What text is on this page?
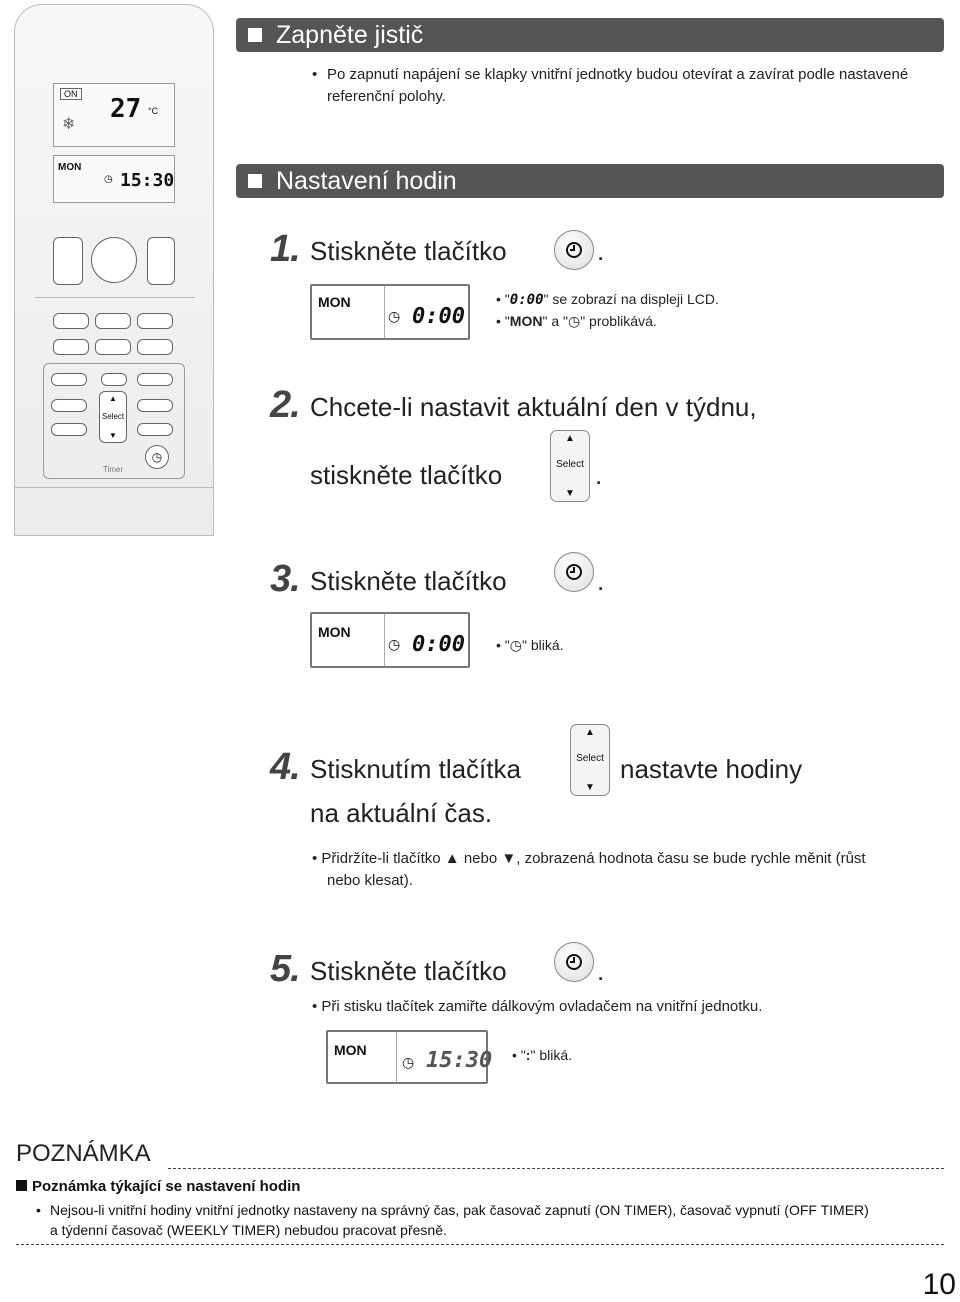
ON 27 °C
❄
MON
◷ 15:30
▲
Select
▼
◷
Timer
Zapněte jistič
• Po zapnutí napájení se klapky vnitřní jednotky budou otevírat a zavírat podle nastavené referenční polohy.
Nastavení hodin
1. Stiskněte tlačítko	.
MON
◷ 0:00
• "0:00" se zobrazí na displeji LCD.
• "MON" a "◷" problikává.
2. Chcete-li nastavit aktuální den v týdnu,
stiskněte tlačítko
▲
Select
▼
.
3. Stiskněte tlačítko	.
MON
◷ 0:00 • "◷" bliká.
4. Stisknutím tlačítka
▲
Select
▼
nastavte hodiny
na aktuální čas.
• Přidržíte-li tlačítko ▲ nebo ▼, zobrazená hodnota času se bude rychle měnit (růst
nebo klesat).
5. Stiskněte tlačítko	.
• Při stisku tlačítek zamiřte dálkovým ovladačem na vnitřní jednotku.
MON
◷ 15:30 • ":" bliká.
POZNÁMKA
Poznámka týkající se nastavení hodin
• Nejsou-li vnitřní hodiny vnitřní jednotky nastaveny na správný čas, pak časovač zapnutí (ON TIMER), časovač vypnutí (OFF TIMER)
a týdenní časovač (WEEKLY TIMER) nebudou pracovat přesně.
10
